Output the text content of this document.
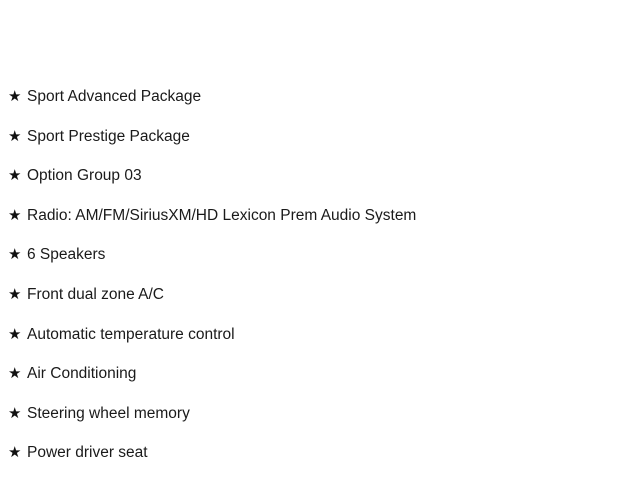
★ Sport Advanced Package
★ Sport Prestige Package
★ Option Group 03
★ Radio: AM/FM/SiriusXM/HD Lexicon Prem Audio System
★ 6 Speakers
★ Front dual zone A/C
★ Automatic temperature control
★ Air Conditioning
★ Steering wheel memory
★ Power driver seat
